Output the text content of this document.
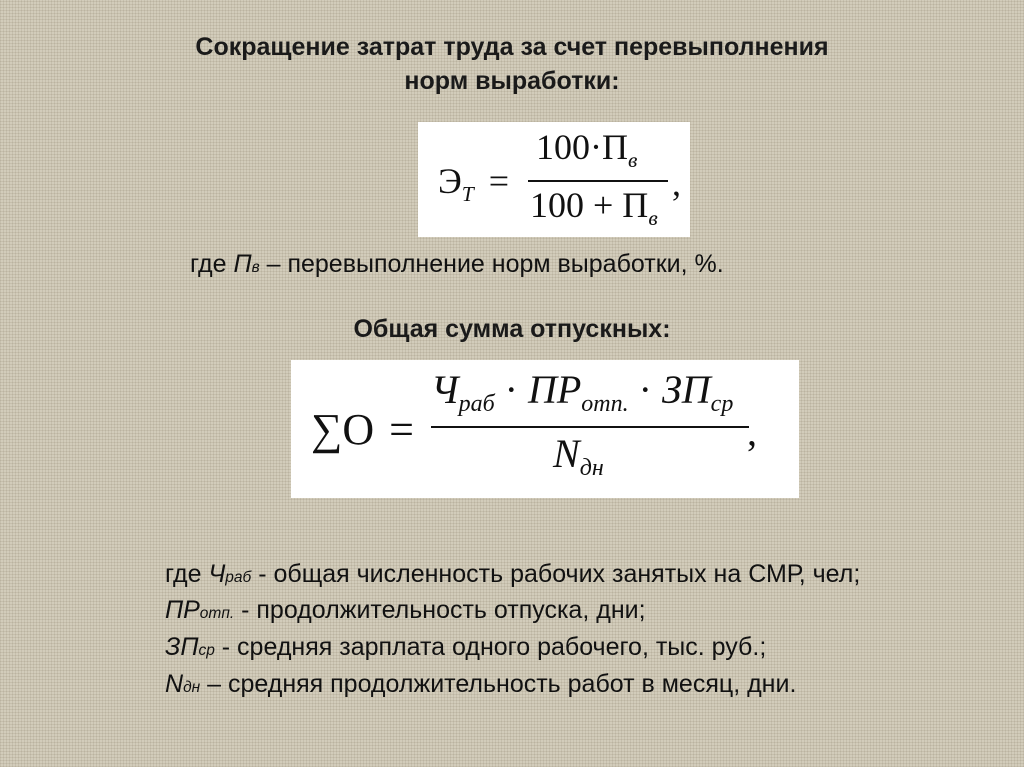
Сокращение затрат труда за счет перевыполнения
норм выработки:
$Э_Т$ =
$100\cdot П_в$
$100 + П_в$
,
где Пв – перевыполнение норм выработки, %.
Общая сумма отпускных:
∑O =
$Ч_{раб} \cdot ПР_{отп.} \cdot ЗП_{ср}$
$N_{дн}$
,
где Чраб - общая численность рабочих занятых на СМР, чел;
ПРотп. - продолжительность отпуска, дни;
ЗПср - средняя зарплата одного рабочего, тыс. руб.;
Nдн – средняя продолжительность работ в месяц, дни.
